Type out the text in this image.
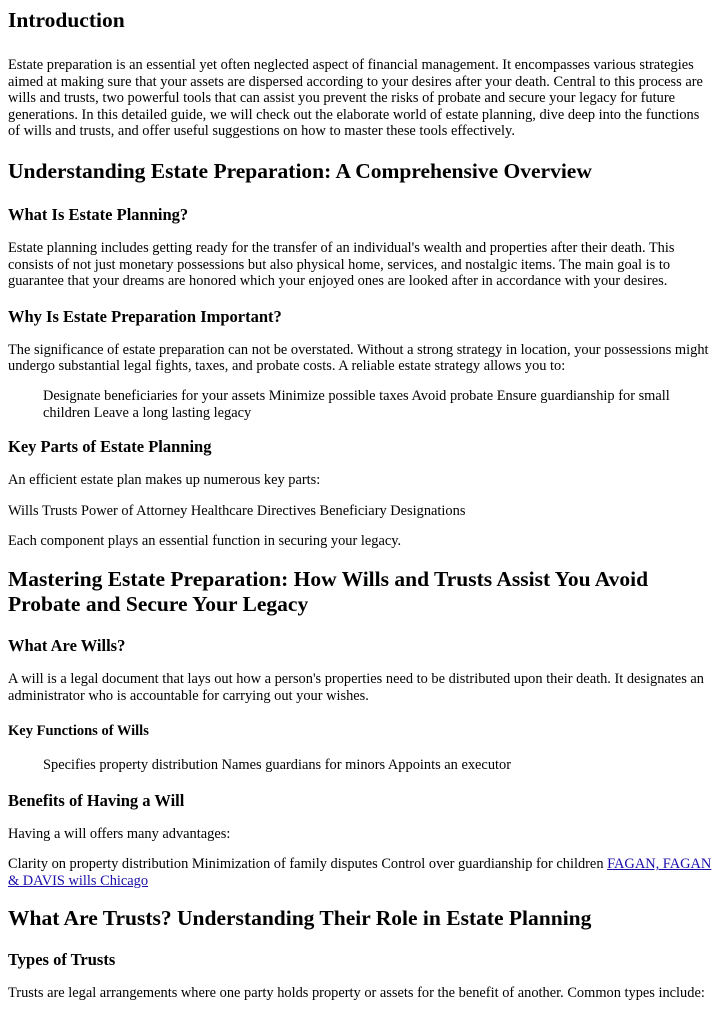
Introduction

Estate preparation is an essential yet often neglected aspect of financial management. It encompasses various strategies aimed at making sure that your assets are dispersed according to your desires after your death. Central to this process are wills and trusts, two powerful tools that can assist you prevent the risks of probate and secure your legacy for future generations. In this detailed guide, we will check out the elaborate world of estate planning, dive deep into the functions of wills and trusts, and offer useful suggestions on how to master these tools effectively.

Understanding Estate Preparation: A Comprehensive Overview
What Is Estate Planning?

Estate planning includes getting ready for the transfer of an individual's wealth and properties after their death. This consists of not just monetary possessions but also physical home, services, and nostalgic items. The main goal is to guarantee that your dreams are honored which your enjoyed ones are looked after in accordance with your desires.

Why Is Estate Preparation Important?

The significance of estate preparation can not be overstated. Without a strong strategy in location, your possessions might undergo substantial legal fights, taxes, and probate costs. A reliable estate strategy allows you to:

Designate beneficiaries for your assets Minimize possible taxes Avoid probate Ensure guardianship for small children Leave a long lasting legacy
Key Parts of Estate Planning

An efficient estate plan makes up numerous key parts:

Wills Trusts Power of Attorney Healthcare Directives Beneficiary Designations

Each component plays an essential function in securing your legacy.

Mastering Estate Preparation: How Wills and Trusts Assist You Avoid Probate and Secure Your Legacy
What Are Wills?

A will is a legal document that lays out how a person's properties need to be distributed upon their death. It designates an administrator who is accountable for carrying out your wishes.

Key Functions of Wills
Specifies property distribution Names guardians for minors Appoints an executor
Benefits of Having a Will

Having a will offers many advantages:

Clarity on property distribution Minimization of family disputes Control over guardianship for children FAGAN, FAGAN & DAVIS wills Chicago

What Are Trusts? Understanding Their Role in Estate Planning
Types of Trusts

Trusts are legal arrangements where one party holds property or assets for the benefit of another. Common types include:
